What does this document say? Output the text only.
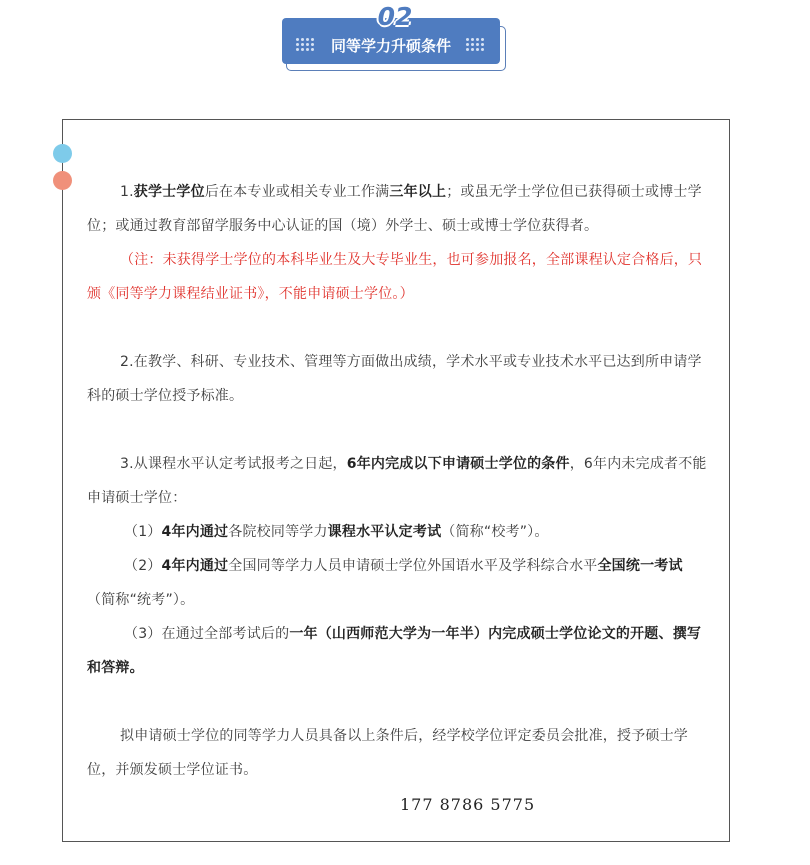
02
同等学力升硕条件

1.获学士学位后在本专业或相关专业工作满三年以上；或虽无学士学位但已获得硕士或博士学位；或通过教育部留学服务中心认证的国（境）外学士、硕士或博士学位获得者。

（注：未获得学士学位的本科毕业生及大专毕业生，也可参加报名，全部课程认定合格后，只颁《同等学力课程结业证书》，不能申请硕士学位。）

2.在教学、科研、专业技术、管理等方面做出成绩，学术水平或专业技术水平已达到所申请学科的硕士学位授予标准。

3.从课程水平认定考试报考之日起，6年内完成以下申请硕士学位的条件，6年内未完成者不能申请硕士学位：

（1）4年内通过各院校同等学力课程水平认定考试（简称“校考”）。

（2）4年内通过全国同等学力人员申请硕士学位外国语水平及学科综合水平全国统一考试（简称“统考”）。

（3）在通过全部考试后的一年（山西师范大学为一年半）内完成硕士学位论文的开题、撰写和答辩。

拟申请硕士学位的同等学力人员具备以上条件后，经学校学位评定委员会批准，授予硕士学位，并颁发硕士学位证书。

177 8786 5775
